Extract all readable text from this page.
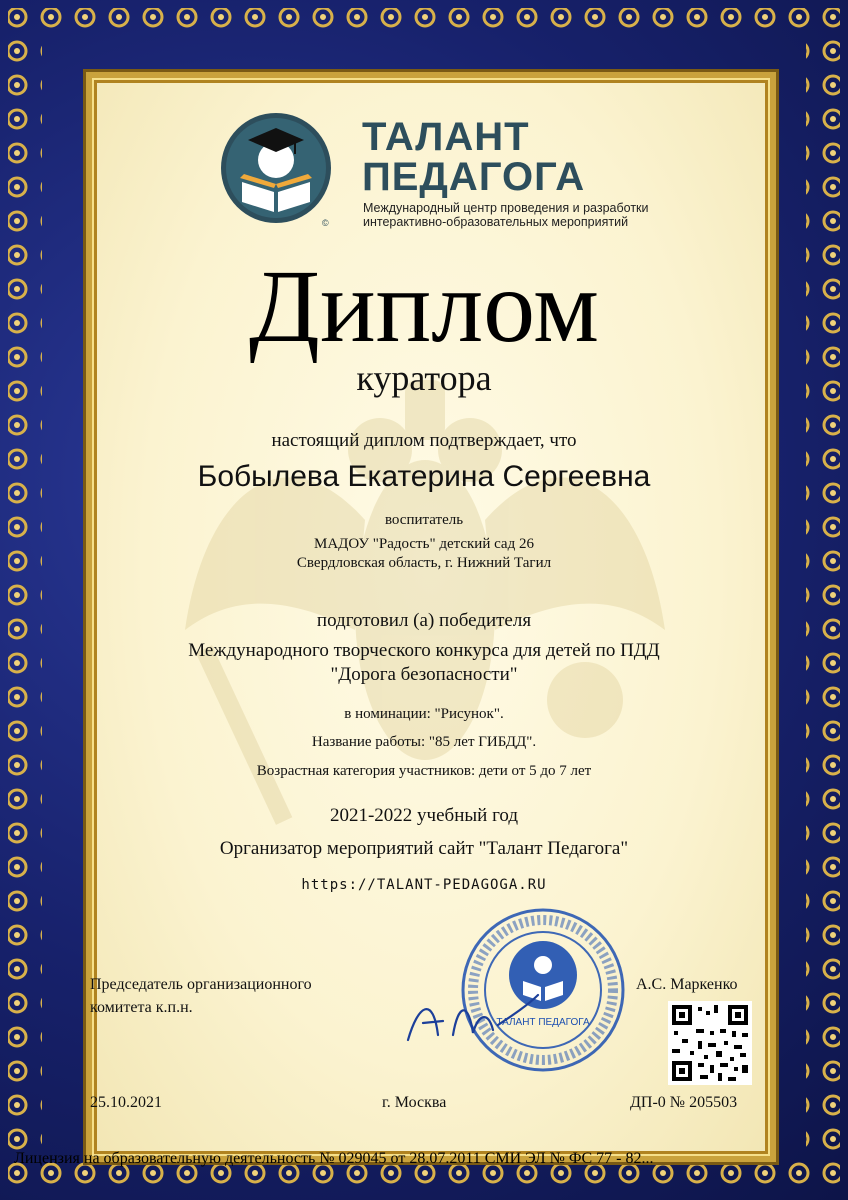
©
ТАЛАНТ
ПЕДАГОГА
Международный центр проведения и разработки
интерактивно-образовательных мероприятий
Диплом
куратора
настоящий диплом подтверждает, что
Бобылева Екатерина Сергеевна
воспитатель
МАДОУ "Радость" детский сад 26
Свердловская область, г. Нижний Тагил
подготовил (а) победителя
Международного творческого конкурса для детей по ПДД
"Дорога безопасности"
в номинации: "Рисунок".
Название работы: "85 лет ГИБДД".
Возрастная категория участников: дети от 5 до 7 лет
2021-2022 учебный год
Организатор мероприятий сайт "Талант Педагога"
https://TALANT-PEDAGOGA.RU
ТАЛАНТ ПЕДАГОГА
Председатель организационного
комитета к.п.н.
А.С. Маркенко
25.10.2021	г. Москва	ДП-0 № 205503
Лицензия на образовательную деятельность № 029045 от 28.07.2011 СМИ ЭЛ № ФС 77 - 82...
